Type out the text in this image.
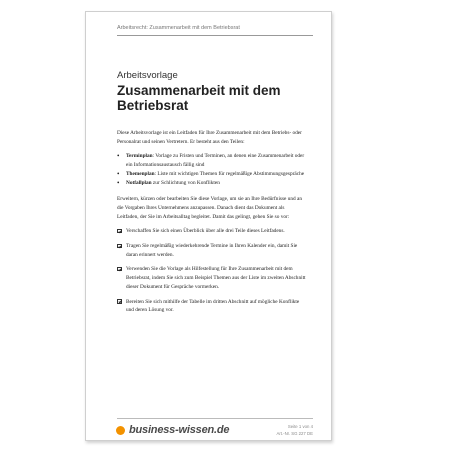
Arbeitsrecht: Zusammenarbeit mit dem Betriebsrat
Arbeitsvorlage
Zusammenarbeit mit dem Betriebsrat

Diese Arbeitsvorlage ist ein Leitfaden für Ihre Zusammenarbeit mit dem Betriebs- oder Personalrat und seinen Vertretern. Er besteht aus den Teilen:

• Terminplan: Vorlage zu Fristen und Terminen, an denen eine Zusammenarbeit oder ein Informationsaustausch fällig sind
• Themenplan: Liste mit wichtigen Themen für regelmäßige Abstimmungsgespräche
• Notfallplan zur Schlichtung von Konflikten

Erweitern, kürzen oder bearbeiten Sie diese Vorlage, um sie an Ihre Bedürfnisse und an die Vorgaben Ihres Unternehmens anzupassen. Danach dient das Dokument als Leitfaden, der Sie im Arbeitsalltag begleitet. Damit das gelingt, gehen Sie so vor:

Verschaffen Sie sich einen Überblick über alle drei Teile dieses Leitfadens.
Tragen Sie regelmäßig wiederkehrende Termine in Ihren Kalender ein, damit Sie daran erinnert werden.
Verwenden Sie die Vorlage als Hilfestellung für Ihre Zusammenarbeit mit dem Betriebsrat, indem Sie sich zum Beispiel Themen aus der Liste im zweiten Abschnitt dieser Dokument für Gespräche vormerken.
Bereiten Sie sich mithilfe der Tabelle im dritten Abschnitt auf mögliche Konflikte und deren Lösung vor.
business-wissen.de	Seite 1 von 4
Art.-Nr. SG 227 DE
